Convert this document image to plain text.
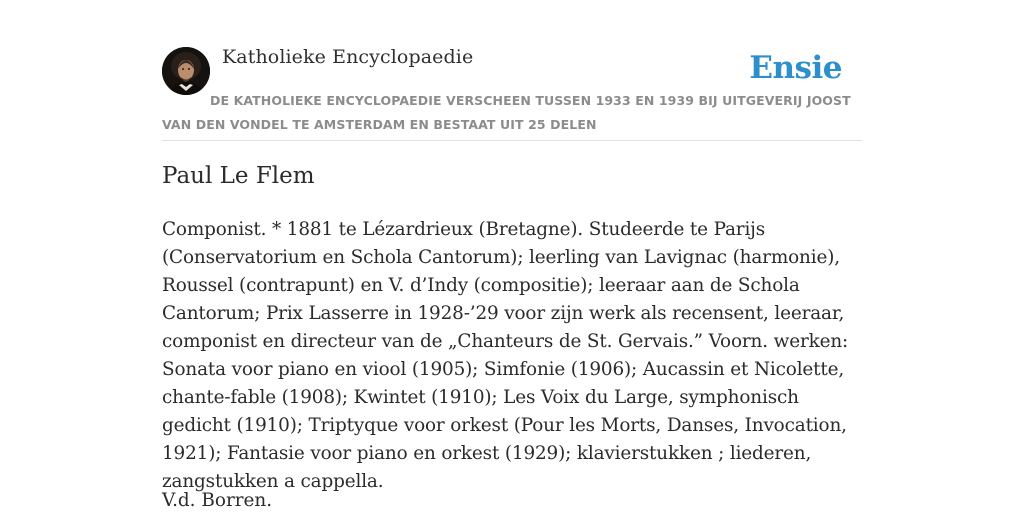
Katholieke Encyclopaedie	Ensie
DE KATHOLIEKE ENCYCLOPAEDIE VERSCHEEN TUSSEN 1933 EN 1939 BIJ UITGEVERIJ JOOST VAN DEN VONDEL TE AMSTERDAM EN BESTAAT UIT 25 DELEN
Paul Le Flem

Componist. * 1881 te Lézardrieux (Bretagne). Studeerde te Parijs (Conservatorium en Schola Cantorum); leerling van Lavignac (harmonie), Roussel (contrapunt) en V. d’Indy (compositie); leeraar aan de Schola Cantorum; Prix Lasserre in 1928-’29 voor zijn werk als recensent, leeraar, componist en directeur van de „Chanteurs de St. Gervais.” Voorn. werken: Sonata voor piano en viool (1905); Simfonie (1906); Aucassin et Nicolette, chante-fable (1908); Kwintet (1910); Les Voix du Large, symphonisch gedicht (1910); Triptyque voor orkest (Pour les Morts, Danses, Invocation, 1921); Fantasie voor piano en orkest (1929); klavierstukken ; liederen, zangstukken a cappella.

V.d. Borren.
